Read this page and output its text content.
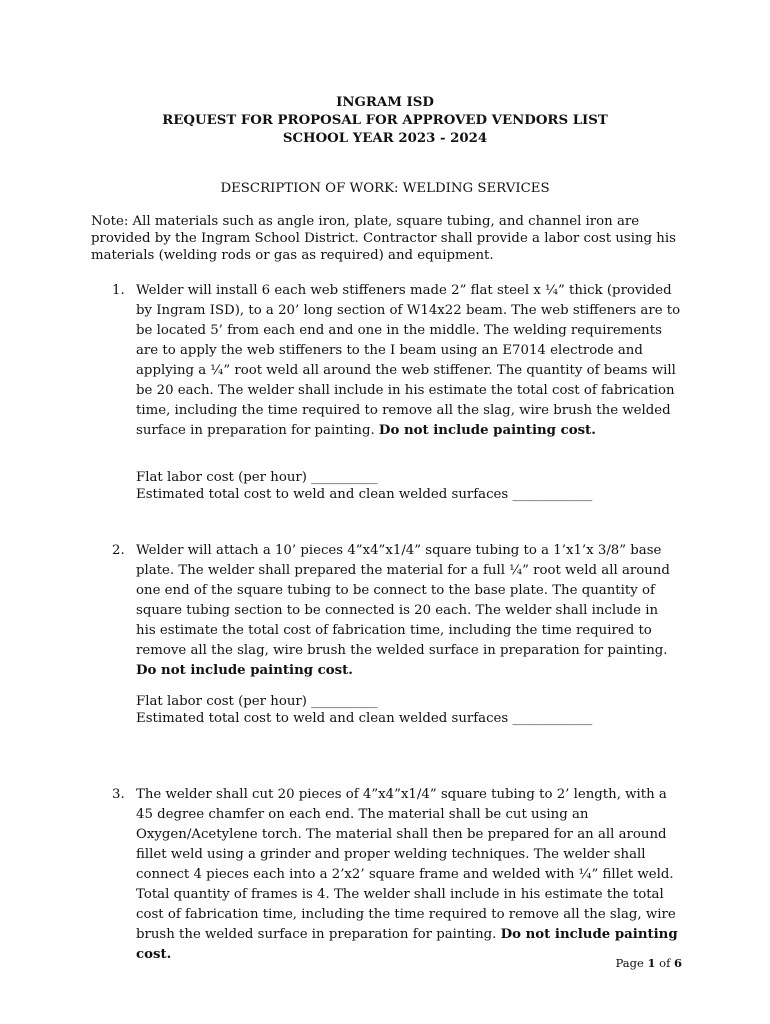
INGRAM ISD
REQUEST FOR PROPOSAL FOR APPROVED VENDORS LIST
SCHOOL YEAR 2023 - 2024
DESCRIPTION OF WORK: WELDING SERVICES
Note: All materials such as angle iron, plate, square tubing, and channel iron are provided by the Ingram School District. Contractor shall provide a labor cost using his materials (welding rods or gas as required) and equipment.
1. Welder will install 6 each web stiffeners made 2” flat steel x ¼” thick (provided by Ingram ISD), to a 20’ long section of W14x22 beam. The web stiffeners are to be located 5’ from each end and one in the middle. The welding requirements are to apply the web stiffeners to the I beam using an E7014 electrode and applying a ¼” root weld all around the web stiffener. The quantity of beams will be 20 each. The welder shall include in his estimate the total cost of fabrication time, including the time required to remove all the slag, wire brush the welded surface in preparation for painting. Do not include painting cost.
Flat labor cost (per hour) __________
Estimated total cost to weld and clean welded surfaces ____________
2. Welder will attach a 10’ pieces 4”x4”x1/4” square tubing to a 1’x1’x 3/8” base plate. The welder shall prepared the material for a full ¼” root weld all around one end of the square tubing to be connect to the base plate. The quantity of square tubing section to be connected is 20 each. The welder shall include in his estimate the total cost of fabrication time, including the time required to remove all the slag, wire brush the welded surface in preparation for painting. Do not include painting cost.
Flat labor cost (per hour) __________
Estimated total cost to weld and clean welded surfaces ____________
3. The welder shall cut 20 pieces of 4”x4”x1/4” square tubing to 2’ length, with a 45 degree chamfer on each end. The material shall be cut using an Oxygen/Acetylene torch. The material shall then be prepared for an all around fillet weld using a grinder and proper welding techniques. The welder shall connect 4 pieces each into a 2’x2’ square frame and welded with ¼” fillet weld. Total quantity of frames is 4. The welder shall include in his estimate the total cost of fabrication time, including the time required to remove all the slag, wire brush the welded surface in preparation for painting. Do not include painting cost.
Page 1 of 6
